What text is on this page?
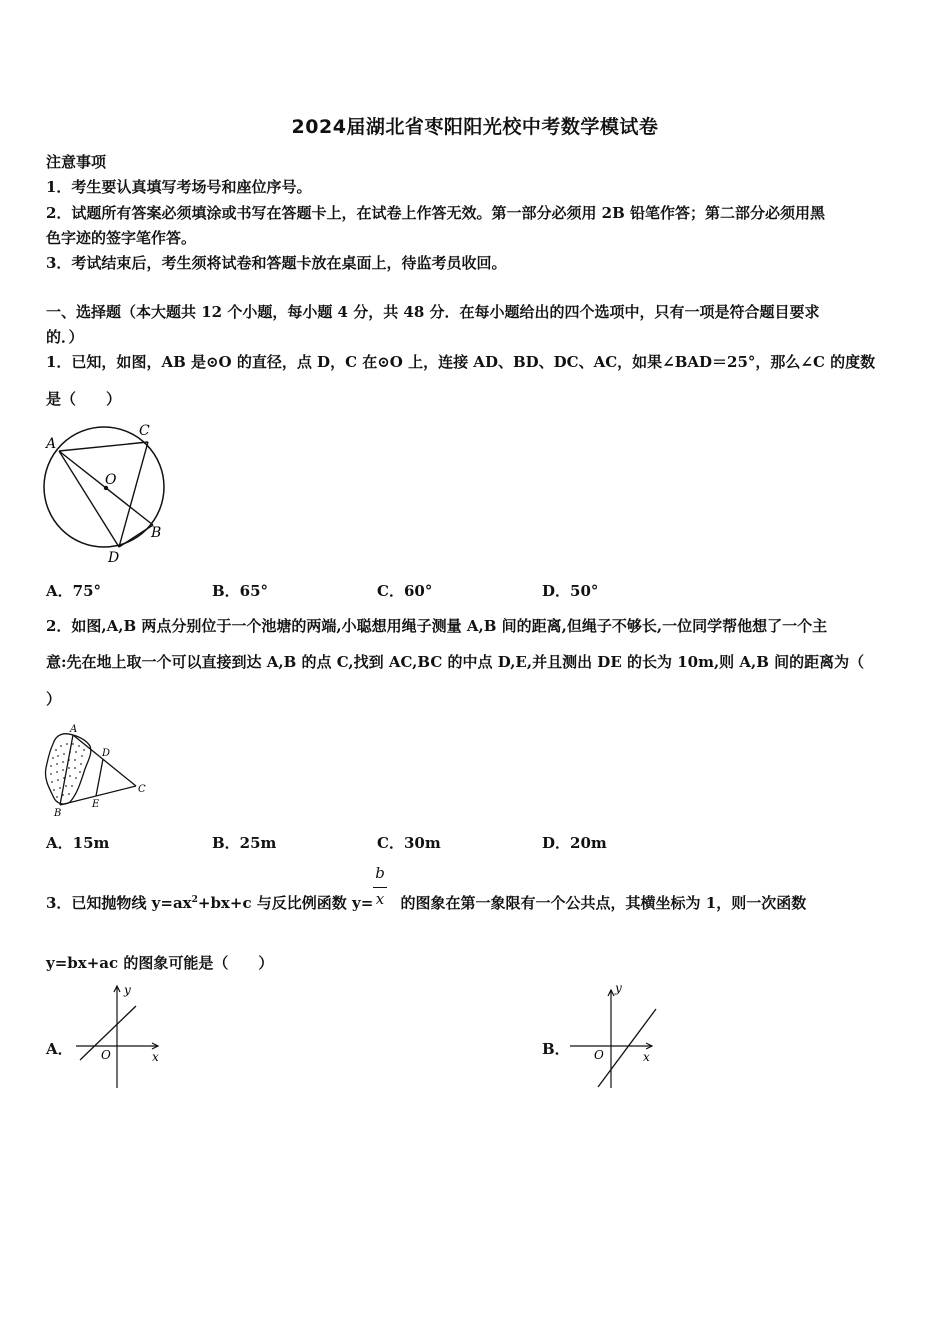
2024届湖北省枣阳阳光校中考数学模试卷
注意事项
1．考生要认真填写考场号和座位序号。
2．试题所有答案必须填涂或书写在答题卡上，在试卷上作答无效。第一部分必须用 2B 铅笔作答；第二部分必须用黑
色字迹的签字笔作答。
3．考试结束后，考生须将试卷和答题卡放在桌面上，待监考员收回。
一、选择题（本大题共 12 个小题，每小题 4 分，共 48 分．在每小题给出的四个选项中，只有一项是符合题目要求
的．）
1．已知，如图，AB 是⊙O 的直径，点 D，C 在⊙O 上，连接 AD、BD、DC、AC，如果∠BAD＝25°，那么∠C 的度数
是（　　）
A
C
O
B
D
A．75°	B．65°	C．60°	D．50°
2．如图,A,B 两点分别位于一个池塘的两端,小聪想用绳子测量 A,B 间的距离,但绳子不够长,一位同学帮他想了一个主
意:先在地上取一个可以直接到达 A,B 的点 C,找到 AC,BC 的中点 D,E,并且测出 DE 的长为 10m,则 A,B 间的距离为（
）
A
D
C
E
B
A．15m	B．25m	C．30m	D．20m
3．已知抛物线 $y=ax^2+bx+c$ 与反比例函数 y= 的图象在第一象限有一个公共点，其横坐标为 1，则一次函数
b
x
y=bx+ac 的图象可能是（　　）
A．
y
O	x	B．
y
O	x
